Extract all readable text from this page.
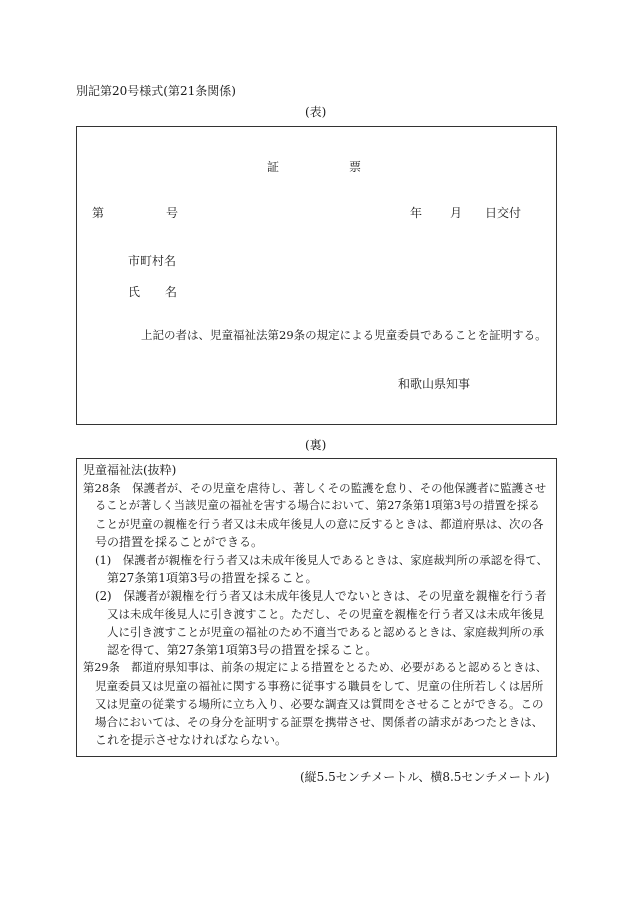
別記第20号様式(第21条関係)
(表)
証	票
第	号	年 月 日交付
市町村名
氏 名
上記の者は、児童福祉法第29条の規定による児童委員であることを証明する。
和歌山県知事
(裏)
児童福祉法(抜粋)
第28条　保護者が、その児童を虐待し、著しくその監護を怠り、その他保護者に監護させ
ることが著しく当該児童の福祉を害する場合において、第27条第1項第3号の措置を採る
ことが児童の親権を行う者又は未成年後見人の意に反するときは、都道府県は、次の各
号の措置を採ることができる。
(1)　保護者が親権を行う者又は未成年後見人であるときは、家庭裁判所の承認を得て、
第27条第1項第3号の措置を採ること。
(2)　保護者が親権を行う者又は未成年後見人でないときは、その児童を親権を行う者
又は未成年後見人に引き渡すこと。ただし、その児童を親権を行う者又は未成年後見
人に引き渡すことが児童の福祉のため不適当であると認めるときは、家庭裁判所の承
認を得て、第27条第1項第3号の措置を採ること。
第29条　都道府県知事は、前条の規定による措置をとるため、必要があると認めるときは、
児童委員又は児童の福祉に関する事務に従事する職員をして、児童の住所若しくは居所
又は児童の従業する場所に立ち入り、必要な調査又は質問をさせることができる。この
場合においては、その身分を証明する証票を携帯させ、関係者の請求があつたときは、
これを提示させなければならない。
(縦5.5センチメートル、横8.5センチメートル)
